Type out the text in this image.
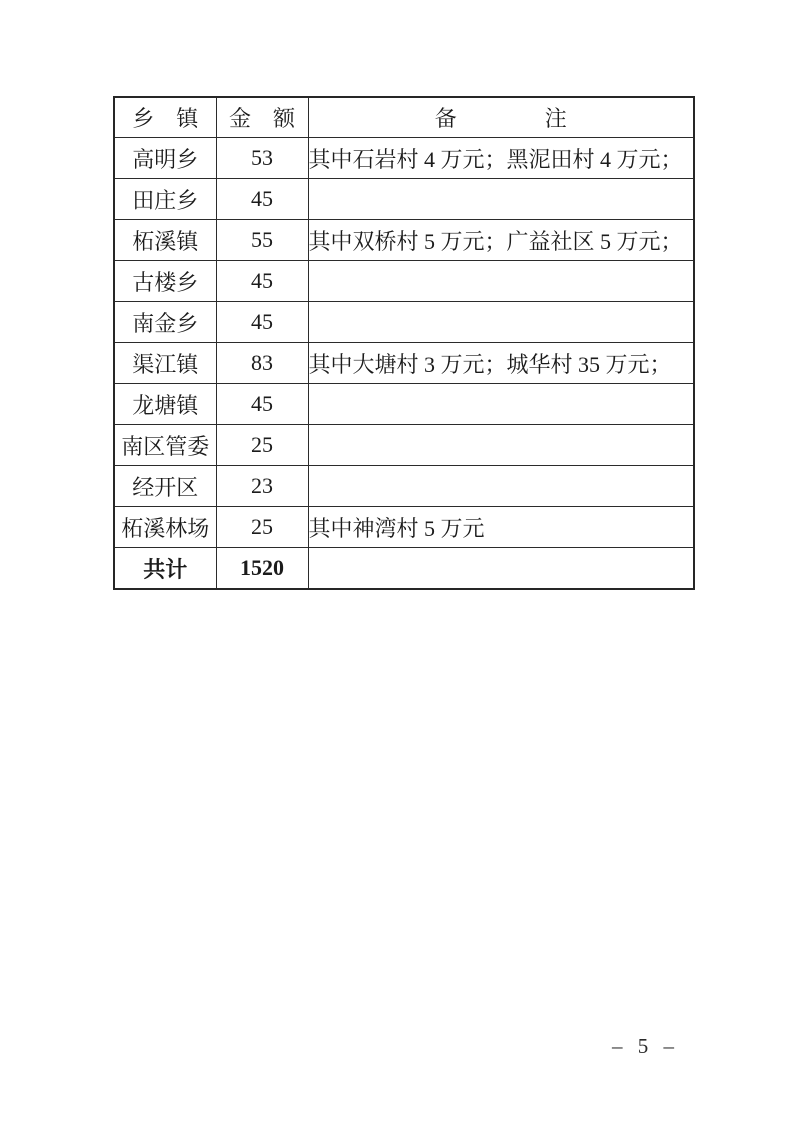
乡　镇	金　额	备　　　　注
高明乡	53	其中石岩村 4 万元；黑泥田村 4 万元；
田庄乡	45	
柘溪镇	55	其中双桥村 5 万元；广益社区 5 万元；
古楼乡	45	
南金乡	45	
渠江镇	83	其中大塘村 3 万元；城华村 35 万元；
龙塘镇	45	
南区管委	25	
经开区	23	
柘溪林场	25	其中神湾村 5 万元
共计	1520	
– 5 –
